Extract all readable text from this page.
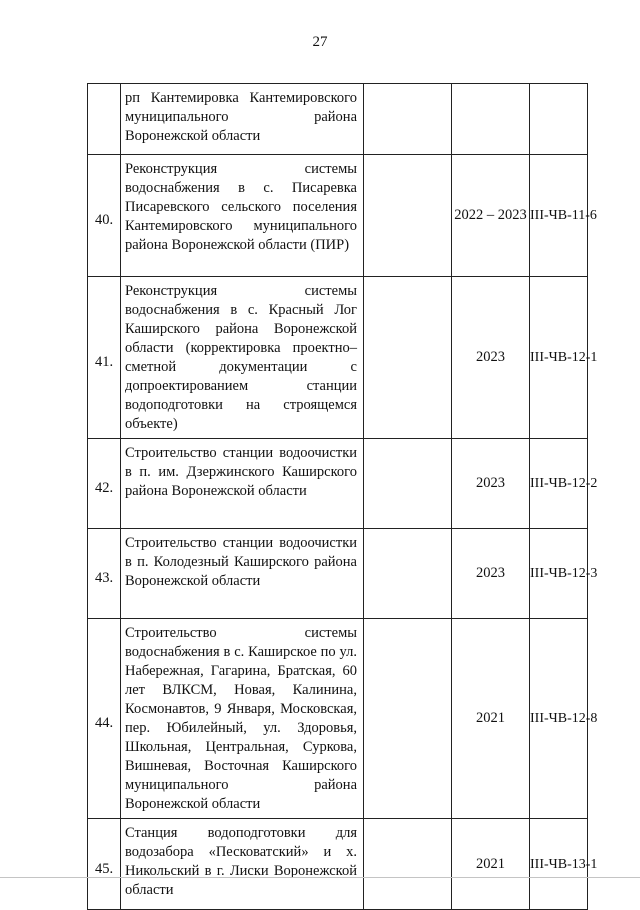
27
	рп Кантемировка Кантемировского муниципального района Воронежской области			
40.	Реконструкция системы водоснабжения в с. Писаревка Писаревского сельского поселения Кантемировского муниципального района Воронежской области (ПИР)		2022 – 2023	III-ЧВ-11-6
41.	Реконструкция системы водоснабжения в с. Красный Лог Каширского района Воронежской области (корректировка проектно–сметной документации с допроектированием станции водоподготовки на строящемся объекте)		2023	III-ЧВ-12-1
42.	Строительство станции водоочистки в п. им. Дзержинского Каширского района Воронежской области		2023	III-ЧВ-12-2
43.	Строительство станции водоочистки в п. Колодезный Каширского района Воронежской области		2023	III-ЧВ-12-3
44.	Строительство системы водоснабжения в с. Каширское по ул. Набережная, Гагарина, Братская, 60 лет ВЛКСМ, Новая, Калинина, Космонавтов, 9 Января, Московская, пер. Юбилейный, ул. Здоровья, Школьная, Центральная, Суркова, Вишневая, Восточная Каширского муниципального района Воронежской области		2021	III-ЧВ-12-8
45.	Станция водоподготовки для водозабора «Песковатский» и х. Никольский в г. Лиски Воронежской области		2021	III-ЧВ-13-1
